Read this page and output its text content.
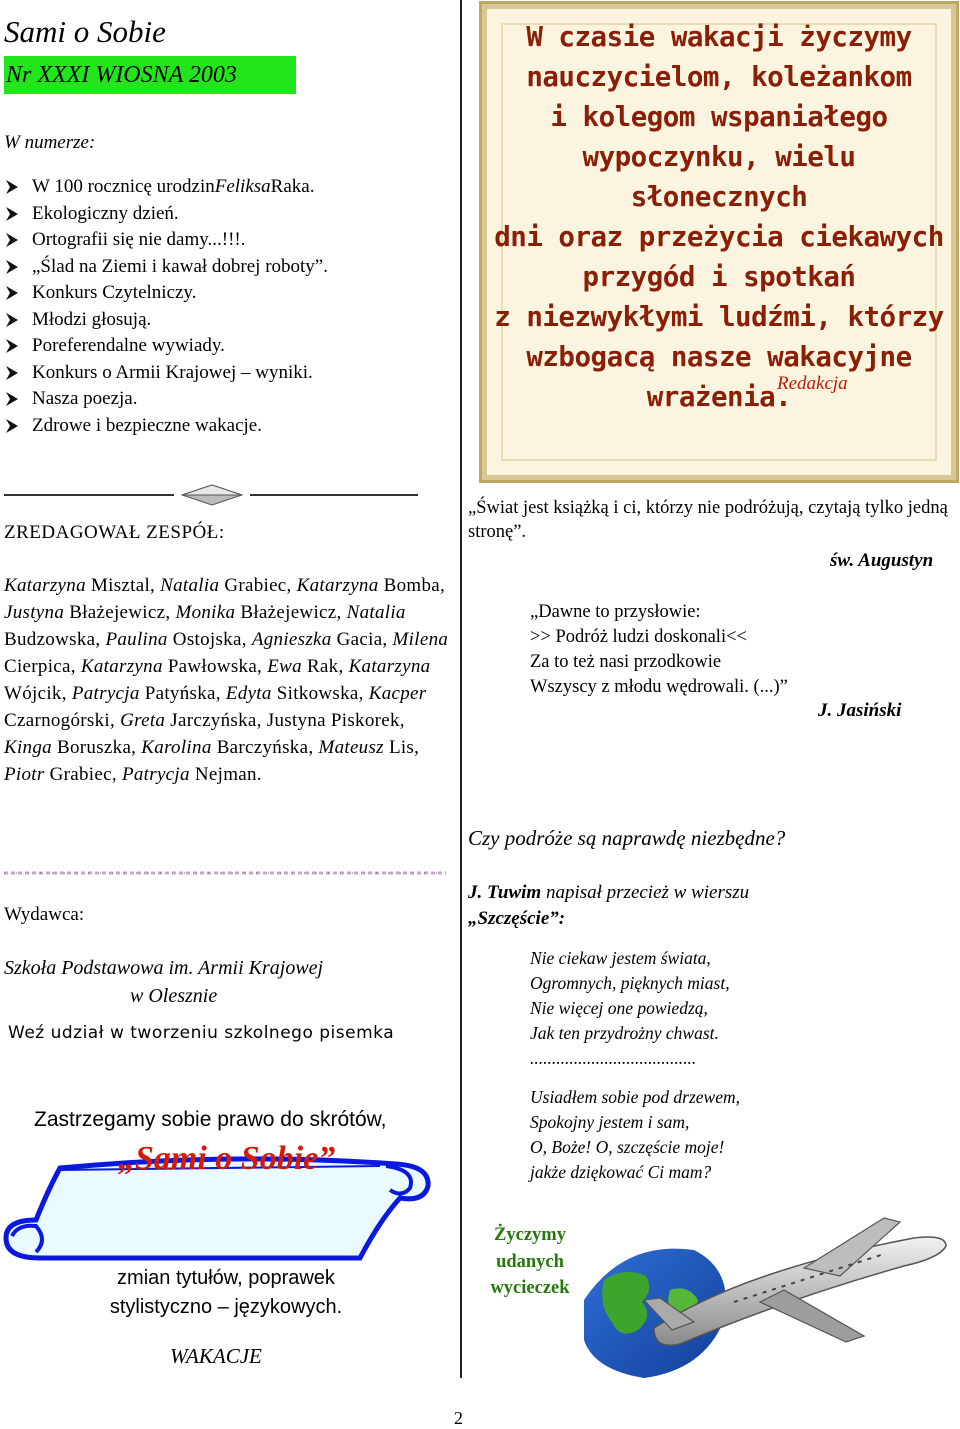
Sami o Sobie
Nr XXXI WIOSNA 2003
W numerze:
W 100 rocznicę urodzin Feliksa Raka.
Ekologiczny dzień.
Ortografii się nie damy...!!!.
„Ślad na Ziemi i kawał dobrej roboty”.
Konkurs Czytelniczy.
Młodzi głosują.
Poreferendalne wywiady.
Konkurs o Armii Krajowej – wyniki.
Nasza poezja.
Zdrowe i bezpieczne wakacje.
W czasie wakacji życzymy
nauczycielom, koleżankom
i kolegom wspaniałego
wypoczynku, wielu słonecznych
dni oraz przeżycia ciekawych
przygód i spotkań
z niezwykłymi ludźmi, którzy
wzbogacą nasze wakacyjne
wrażenia.
Redakcja
ZREDAGOWAŁ ZESPÓŁ:
Katarzyna Misztal, Natalia Grabiec, Katarzyna Bomba, Justyna Błażejewicz, Monika Błażejewicz, Natalia Budzowska, Paulina Ostojska, Agnieszka Gacia, Milena Cierpica, Katarzyna Pawłowska, Ewa Rak, Katarzyna Wójcik, Patrycja Patyńska, Edyta Sitkowska, Kacper Czarnogórski, Greta Jarczyńska, Justyna Piskorek, Kinga Boruszka, Karolina Barczyńska, Mateusz Lis, Piotr Grabiec, Patrycja Nejman.
Wydawca:
Szkoła Podstawowa im. Armii Krajowej
w Olesznie
Weź udział w tworzeniu szkolnego pisemka
Zastrzegamy sobie prawo do skrótów,
„Sami o Sobie”
zmian tytułów, poprawek
stylistyczno – językowych.
WAKACJE
„Świat jest książką i ci, którzy nie podróżują, czytają tylko jedną stronę”.
św. Augustyn
„Dawne to przysłowie:
>> Podróż ludzi doskonali<<
Za to też nasi przodkowie
Wszyscy z młodu wędrowali. (...)”
J. Jasiński
Czy podróże są naprawdę niezbędne?
J. Tuwim napisał przecież w wierszu
„Szczęście”:
Nie ciekaw jestem świata,
Ogromnych, pięknych miast,
Nie więcej one powiedzą,
Jak ten przydrożny chwast.
......................................
Usiadłem sobie pod drzewem,
Spokojny jestem i sam,
O, Boże! O, szczęście moje!
jakże dziękować Ci mam?
Życzymy
udanych
wycieczek
2
